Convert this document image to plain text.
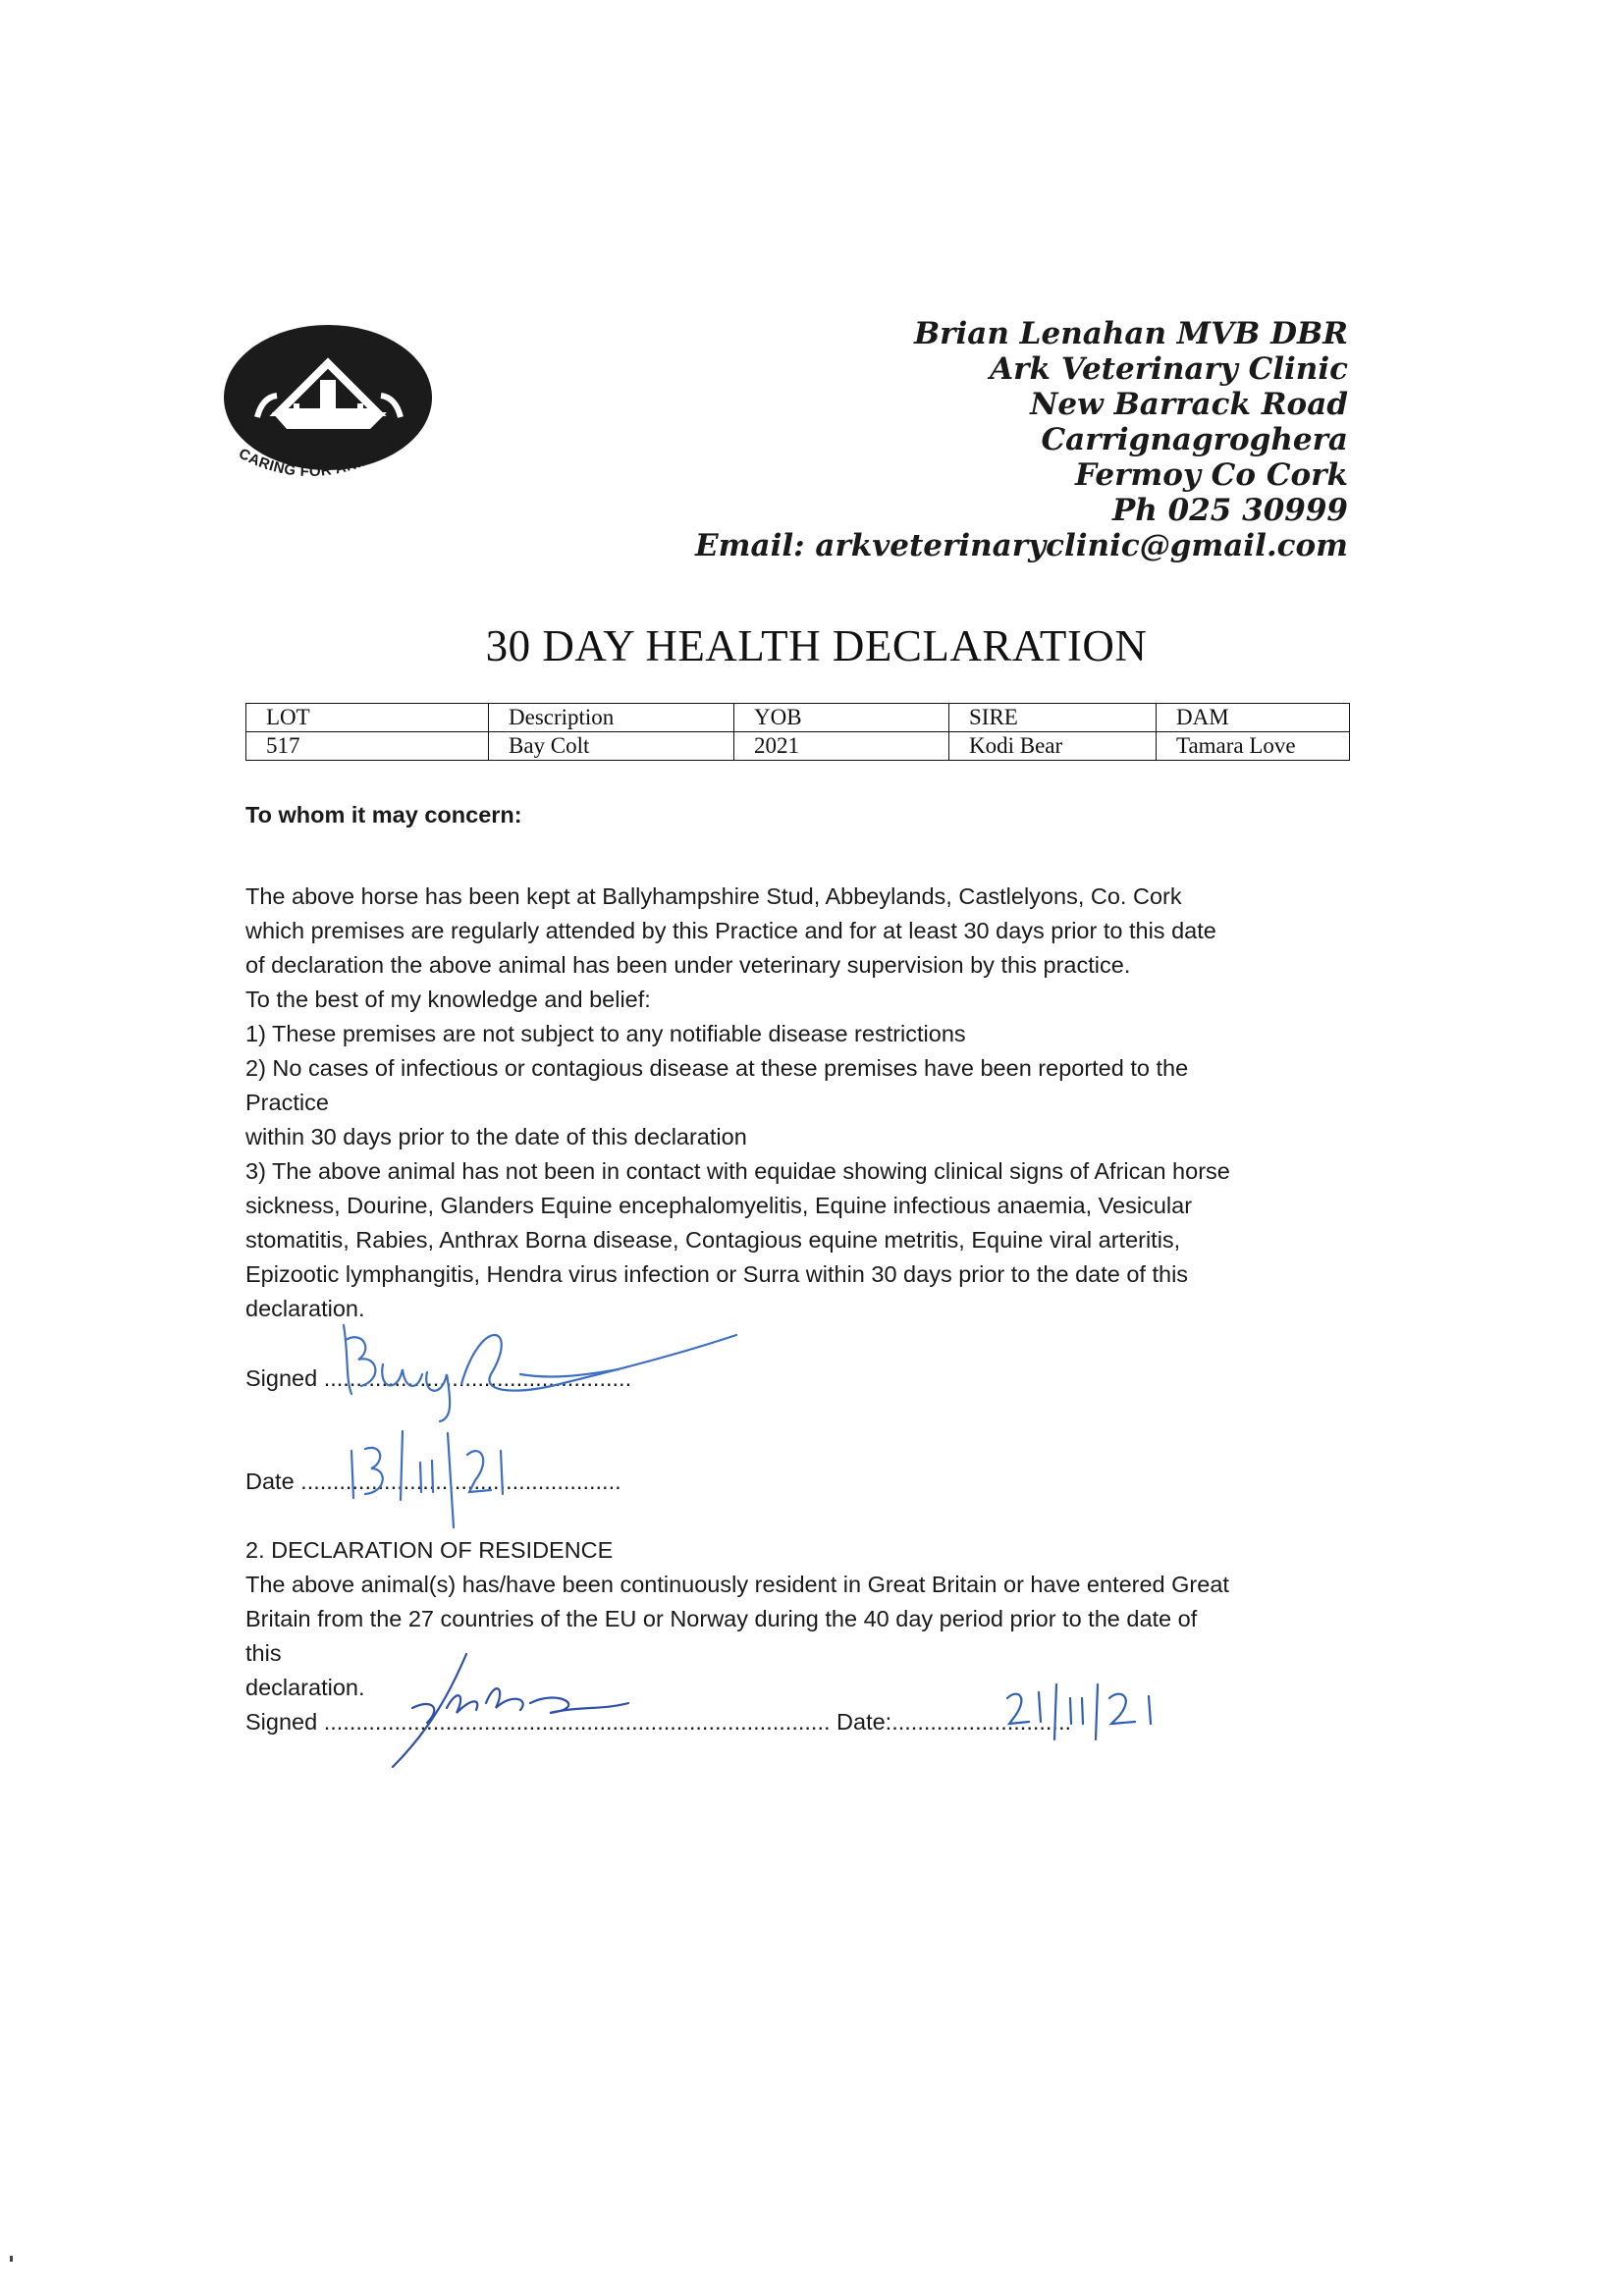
CARING FOR ANIMALS
Brian Lenahan MVB DBR
Ark Veterinary Clinic
New Barrack Road
Carrignagroghera
Fermoy Co Cork
Ph 025 30999
Email: arkveterinaryclinic@gmail.com
30 DAY HEALTH DECLARATION
LOT	Description	YOB	SIRE	DAM
517	Bay Colt	2021	Kodi Bear	Tamara Love
To whom it may concern:
The above horse has been kept at Ballyhampshire Stud, Abbeylands, Castlelyons, Co. Cork
which premises are regularly attended by this Practice and for at least 30 days prior to this date
of declaration the above animal has been under veterinary supervision by this practice.
To the best of my knowledge and belief:
1) These premises are not subject to any notifiable disease restrictions
2) No cases of infectious or contagious disease at these premises have been reported to the
Practice
within 30 days prior to the date of this declaration
3) The above animal has not been in contact with equidae showing clinical signs of African horse
sickness, Dourine, Glanders Equine encephalomyelitis, Equine infectious anaemia, Vesicular
stomatitis, Rabies, Anthrax Borna disease, Contagious equine metritis, Equine viral arteritis,
Epizootic lymphangitis, Hendra virus infection or Surra within 30 days prior to the date of this
declaration.
Signed ................................................
Date ..................................................
2. DECLARATION OF RESIDENCE
The above animal(s) has/have been continuously resident in Great Britain or have entered Great
Britain from the 27 countries of the EU or Norway during the 40 day period prior to the date of
this
declaration.
Signed ............................................................................... Date:............................
